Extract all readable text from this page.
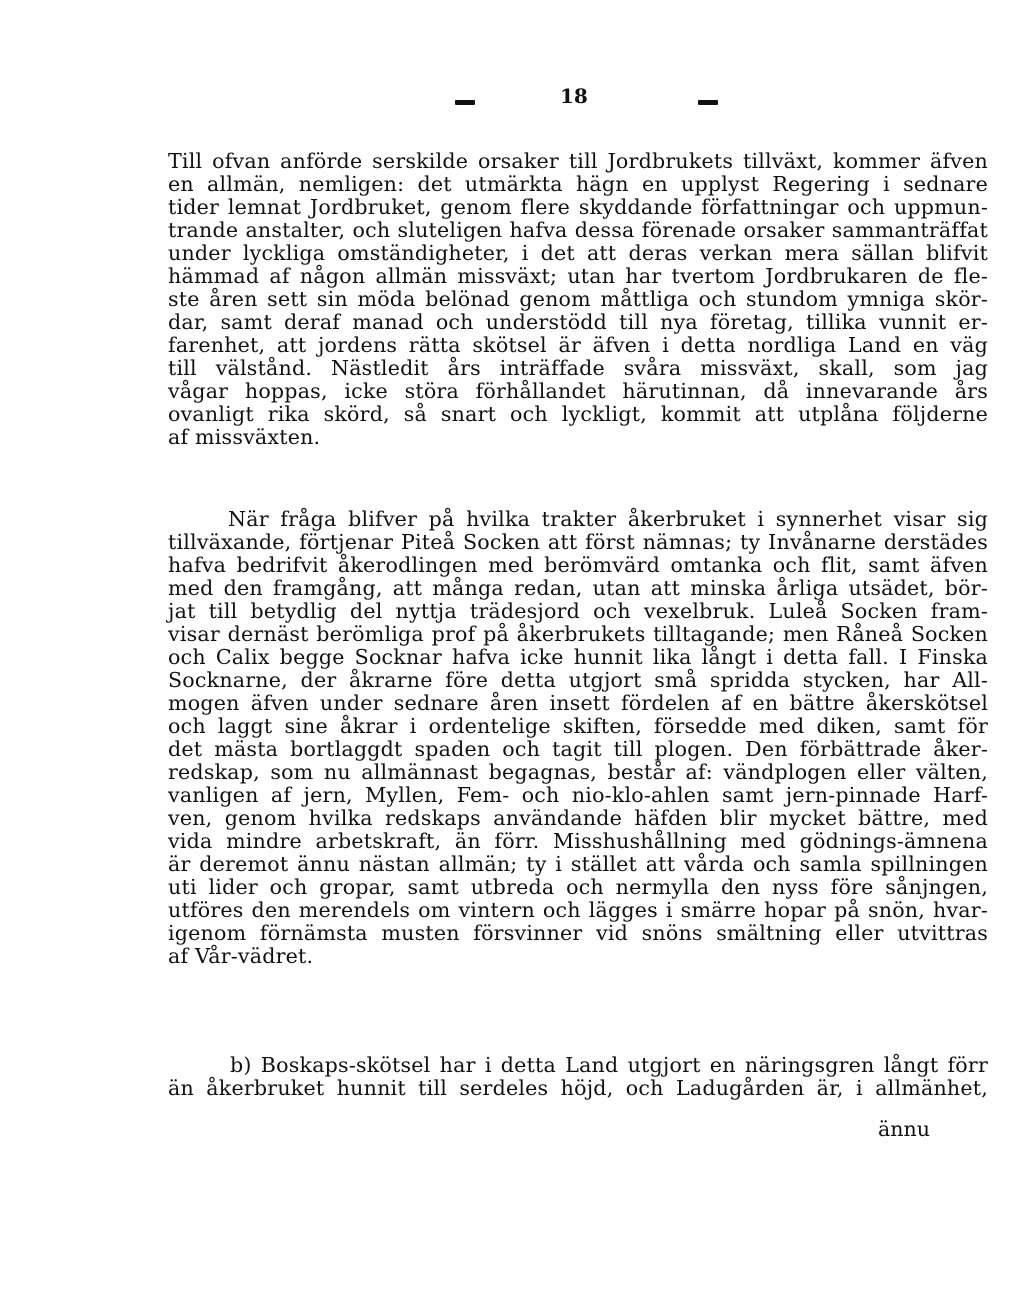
18
Till ofvan anförde serskilde orsaker till Jordbrukets tillväxt, kommer äfven
en allmän, nemligen: det utmärkta hägn en upplyst Regering i sednare
tider lemnat Jordbruket, genom flere skyddande författningar och uppmun-
trande anstalter, och sluteligen hafva dessa förenade orsaker sammanträffat
under lyckliga omständigheter, i det att deras verkan mera sällan blifvit
hämmad af någon allmän missväxt; utan har tvertom Jordbrukaren de fle-
ste åren sett sin möda belönad genom måttliga och stundom ymniga skör-
dar, samt deraf manad och understödd till nya företag, tillika vunnit er-
farenhet, att jordens rätta skötsel är äfven i detta nordliga Land en väg
till välstånd. Nästledit års inträffade svåra missväxt, skall, som jag
vågar hoppas, icke störa förhållandet härutinnan, då innevarande års
ovanligt rika skörd, så snart och lyckligt, kommit att utplåna följderne
af missväxten.
När fråga blifver på hvilka trakter åkerbruket i synnerhet visar sig
tillväxande, förtjenar Piteå Socken att först nämnas; ty Invånarne derstädes
hafva bedrifvit åkerodlingen med berömvärd omtanka och flit, samt äfven
med den framgång, att många redan, utan att minska årliga utsädet, bör-
jat till betydlig del nyttja trädesjord och vexelbruk. Luleå Socken fram-
visar dernäst berömliga prof på åkerbrukets tilltagande; men Råneå Socken
och Calix begge Socknar hafva icke hunnit lika långt i detta fall. I Finska
Socknarne, der åkrarne före detta utgjort små spridda stycken, har All-
mogen äfven under sednare åren insett fördelen af en bättre åkerskötsel
och laggt sine åkrar i ordentelige skiften, försedde med diken, samt för
det mästa bortlaggdt spaden och tagit till plogen. Den förbättrade åker-
redskap, som nu allmännast begagnas, består af: vändplogen eller välten,
vanligen af jern, Myllen, Fem- och nio-klo-ahlen samt jern-pinnade Harf-
ven, genom hvilka redskaps användande häfden blir mycket bättre, med
vida mindre arbetskraft, än förr. Misshushållning med gödnings-ämnena
är deremot ännu nästan allmän; ty i stället att vårda och samla spillningen
uti lider och gropar, samt utbreda och nermylla den nyss före sånjngen,
utföres den merendels om vintern och lägges i smärre hopar på snön, hvar-
igenom förnämsta musten försvinner vid snöns smältning eller utvittras
af Vår-vädret.
b) Boskaps-skötsel har i detta Land utgjort en näringsgren långt förr
än åkerbruket hunnit till serdeles höjd, och Ladugården är, i allmänhet,
ännu
